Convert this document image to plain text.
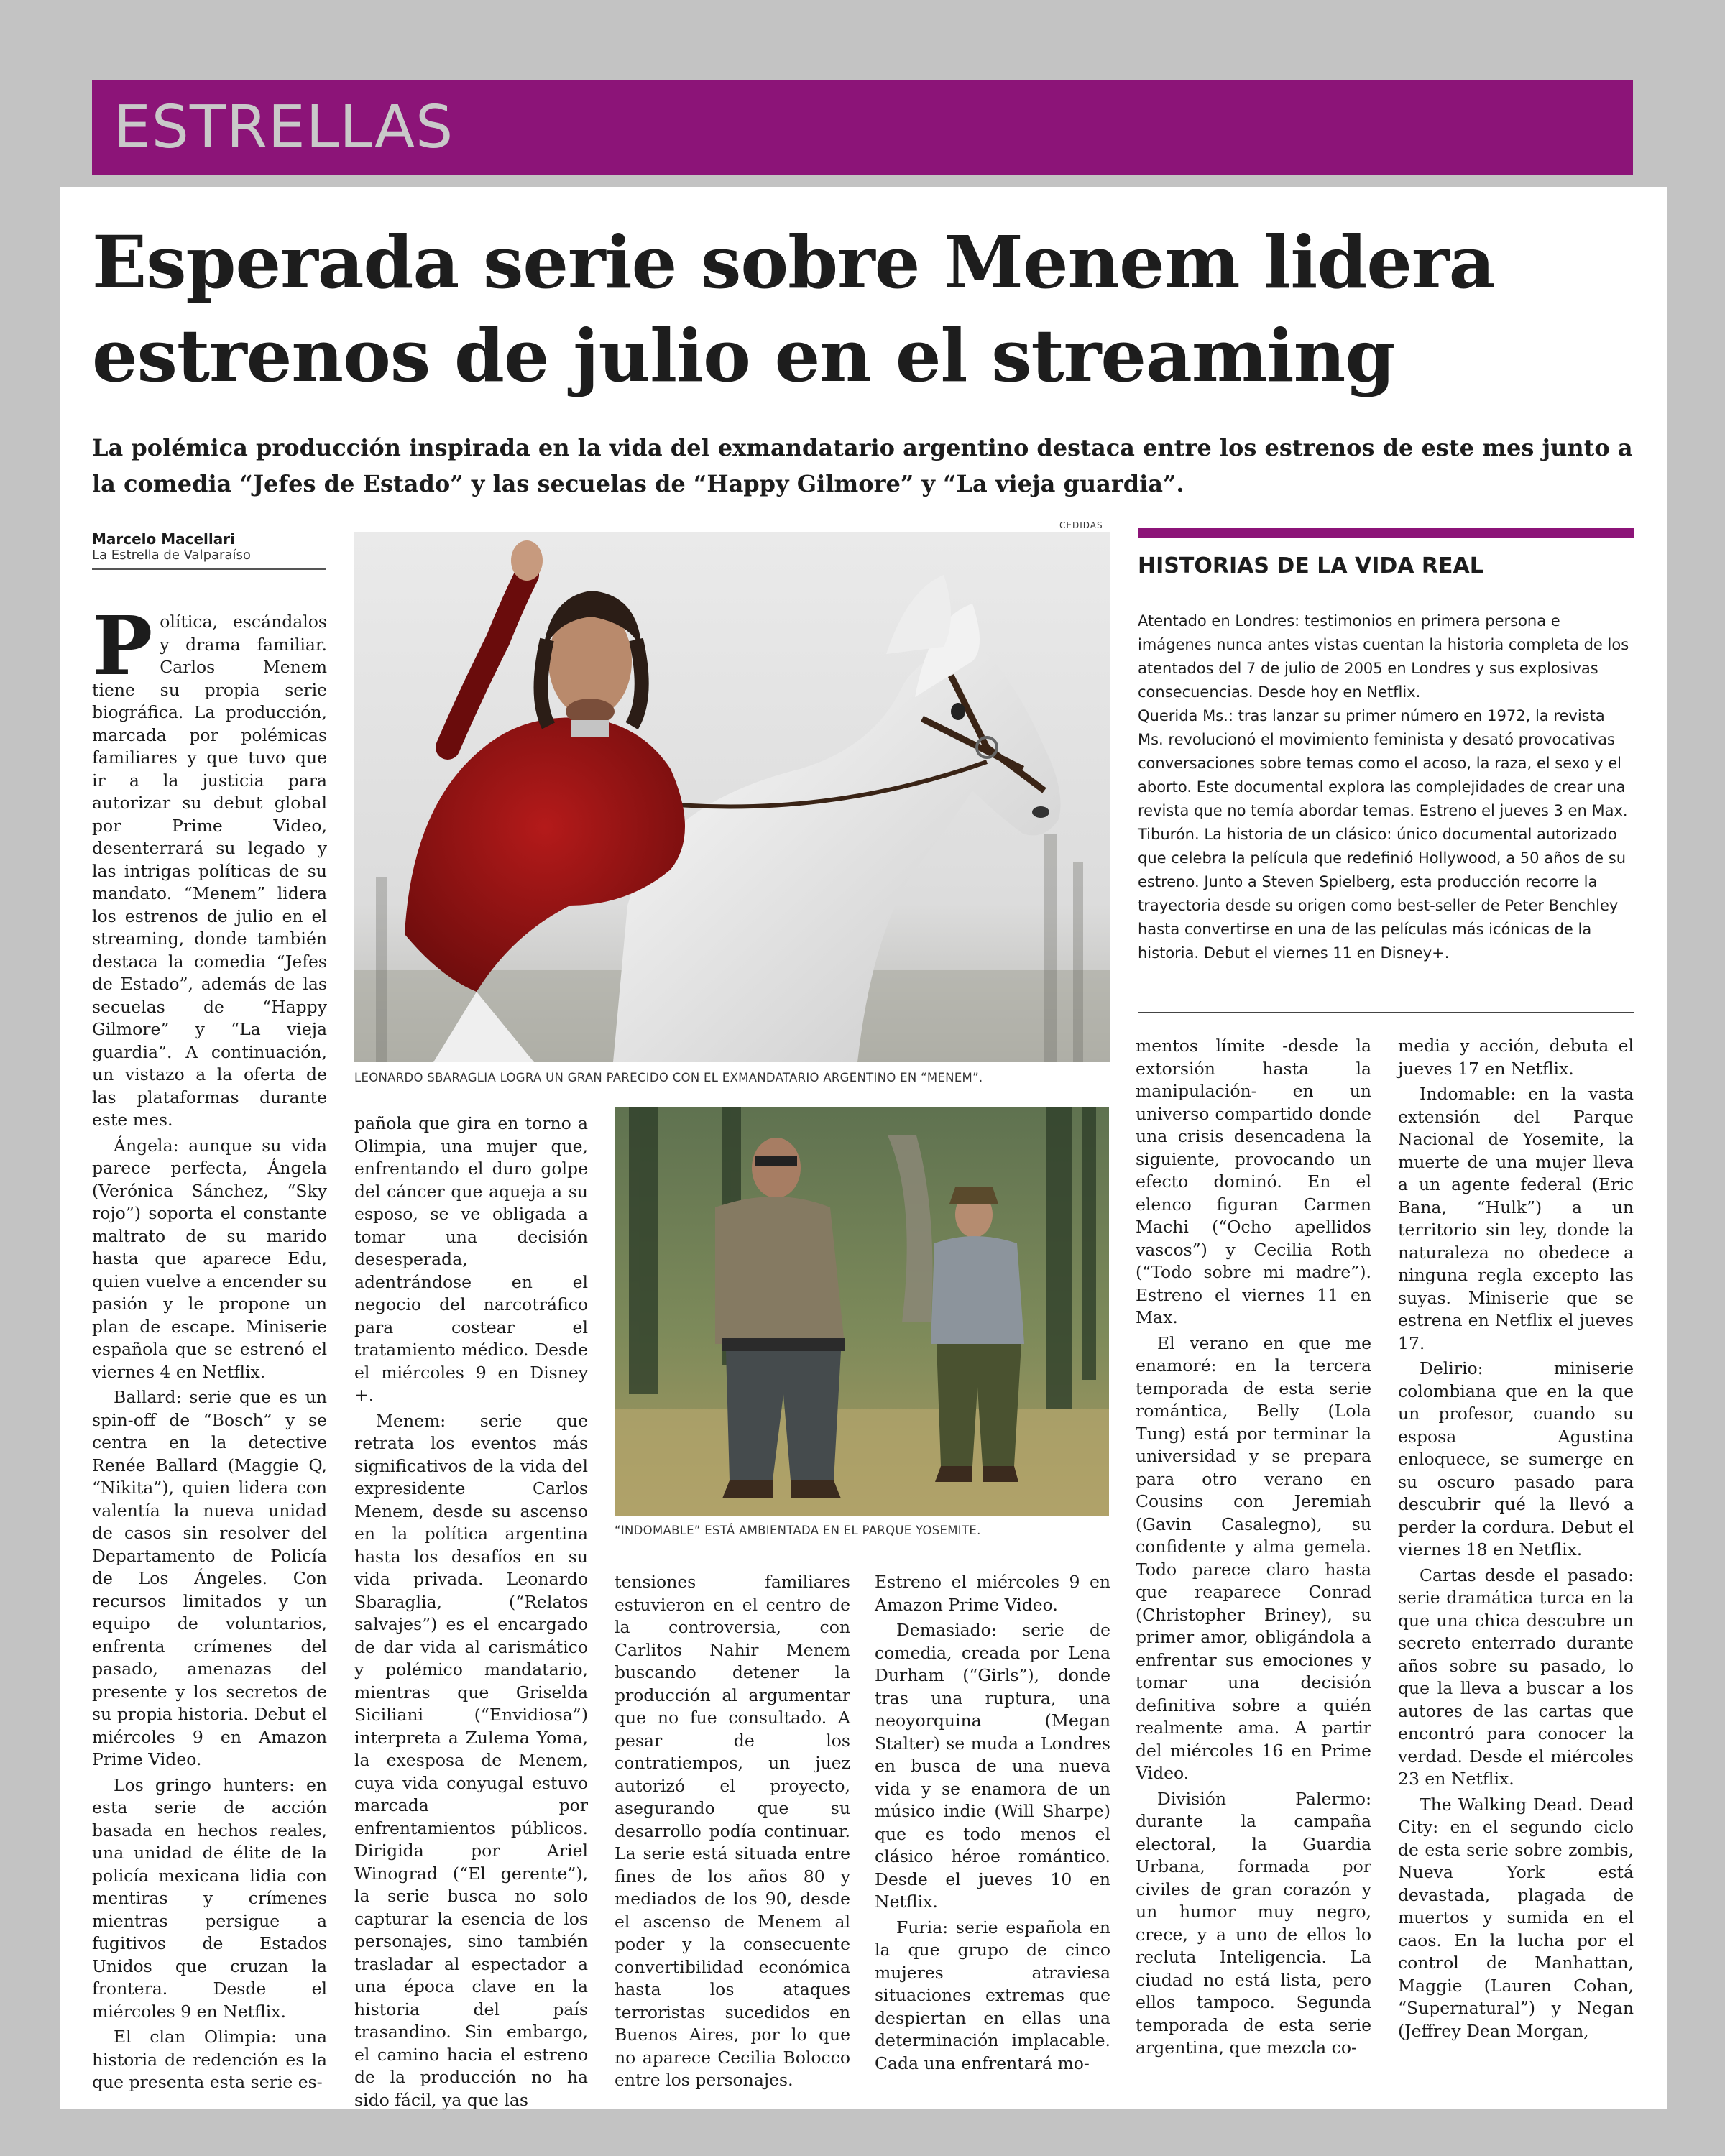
ESTRELLAS
Esperada serie sobre Menem lidera estrenos de julio en el streaming

La polémica producción inspirada en la vida del exmandatario argentino destaca entre los estrenos de este mes junto a la comedia “Jefes de Estado” y las secuelas de “Happy Gilmore” y “La vieja guardia”.

Marcelo Macellari
La Estrella de Valparaíso
CEDIDAS
LEONARDO SBARAGLIA LOGRA UN GRAN PARECIDO CON EL EXMANDATARIO ARGENTINO EN “MENEM”.
“INDOMABLE” ESTÁ AMBIENTADA EN EL PARQUE YOSEMITE.

Política, escándalos y drama familiar. Carlos Menem tiene su propia serie biográfica. La producción, marcada por polémicas familiares y que tuvo que ir a la justicia para autorizar su debut global por Prime Video, desenterrará su legado y las intrigas políticas de su mandato. “Menem” lidera los estrenos de julio en el streaming, donde también destaca la comedia “Jefes de Estado”, además de las secuelas de “Happy Gilmore” y “La vieja guardia”. A continuación, un vistazo a la oferta de las plataformas durante este mes.

Ángela: aunque su vida parece perfecta, Ángela (Verónica Sánchez, “Sky rojo”) soporta el constante maltrato de su marido hasta que aparece Edu, quien vuelve a encender su pasión y le propone un plan de escape. Miniserie española que se estrenó el viernes 4 en Netflix.

Ballard: serie que es un spin-off de “Bosch” y se centra en la detective Renée Ballard (Maggie Q, “Nikita”), quien lidera con valentía la nueva unidad de casos sin resolver del Departamento de Policía de Los Ángeles. Con recursos limitados y un equipo de voluntarios, enfrenta crímenes del pasado, amenazas del presente y los secretos de su propia historia. Debut el miércoles 9 en Amazon Prime Video.

Los gringo hunters: en esta serie de acción basada en hechos reales, una unidad de élite de la policía mexicana lidia con mentiras y crímenes mientras persigue a fugitivos de Estados Unidos que cruzan la frontera. Desde el miércoles 9 en Netflix.

El clan Olimpia: una historia de redención es la que presenta esta serie es-

pañola que gira en torno a Olimpia, una mujer que, enfrentando el duro golpe del cáncer que aqueja a su esposo, se ve obligada a tomar una decisión desesperada, adentrándose en el negocio del narcotráfico para costear el tratamiento médico. Desde el miércoles 9 en Disney +.

Menem: serie que retrata los eventos más significativos de la vida del expresidente Carlos Menem, desde su ascenso en la política argentina hasta los desafíos en su vida privada. Leonardo Sbaraglia, (“Relatos salvajes”) es el encargado de dar vida al carismático y polémico mandatario, mientras que Griselda Siciliani (“Envidiosa”) interpreta a Zulema Yoma, la exesposa de Menem, cuya vida conyugal estuvo marcada por enfrentamientos públicos. Dirigida por Ariel Winograd (“El gerente”), la serie busca no solo capturar la esencia de los personajes, sino también trasladar al espectador a una época clave en la historia del país trasandino. Sin embargo, el camino hacia el estreno de la producción no ha sido fácil, ya que las

tensiones familiares estuvieron en el centro de la controversia, con Carlitos Nahir Menem buscando detener la producción al argumentar que no fue consultado. A pesar de los contratiempos, un juez autorizó el proyecto, asegurando que su desarrollo podía continuar. La serie está situada entre fines de los años 80 y mediados de los 90, desde el ascenso de Menem al poder y la consecuente convertibilidad económica hasta los ataques terroristas sucedidos en Buenos Aires, por lo que no aparece Cecilia Bolocco entre los personajes.

Estreno el miércoles 9 en Amazon Prime Video.

Demasiado: serie de comedia, creada por Lena Durham (“Girls”), donde tras una ruptura, una neoyorquina (Megan Stalter) se muda a Londres en busca de una nueva vida y se enamora de un músico indie (Will Sharpe) que es todo menos el clásico héroe romántico. Desde el jueves 10 en Netflix.

Furia: serie española en la que grupo de cinco mujeres atraviesa situaciones extremas que despiertan en ellas una determinación implacable. Cada una enfrentará mo-

mentos límite -desde la extorsión hasta la manipulación- en un universo compartido donde una crisis desencadena la siguiente, provocando un efecto dominó. En el elenco figuran Carmen Machi (“Ocho apellidos vascos”) y Cecilia Roth (“Todo sobre mi madre”). Estreno el viernes 11 en Max.

El verano en que me enamoré: en la tercera temporada de esta serie romántica, Belly (Lola Tung) está por terminar la universidad y se prepara para otro verano en Cousins con Jeremiah (Gavin Casalegno), su confidente y alma gemela. Todo parece claro hasta que reaparece Conrad (Christopher Briney), su primer amor, obligándola a enfrentar sus emociones y tomar una decisión definitiva sobre a quién realmente ama. A partir del miércoles 16 en Prime Video.

División Palermo: durante la campaña electoral, la Guardia Urbana, formada por civiles de gran corazón y un humor muy negro, crece, y a uno de ellos lo recluta Inteligencia. La ciudad no está lista, pero ellos tampoco. Segunda temporada de esta serie argentina, que mezcla co-

media y acción, debuta el jueves 17 en Netflix.

Indomable: en la vasta extensión del Parque Nacional de Yosemite, la muerte de una mujer lleva a un agente federal (Eric Bana, “Hulk”) a un territorio sin ley, donde la naturaleza no obedece a ninguna regla excepto las suyas. Miniserie que se estrena en Netflix el jueves 17.

Delirio: miniserie colombiana que en la que un profesor, cuando su esposa Agustina enloquece, se sumerge en su oscuro pasado para descubrir qué la llevó a perder la cordura. Debut el viernes 18 en Netflix.

Cartas desde el pasado: serie dramática turca en la que una chica descubre un secreto enterrado durante años sobre su pasado, lo que la lleva a buscar a los autores de las cartas que encontró para conocer la verdad. Desde el miércoles 23 en Netflix.

The Walking Dead. Dead City: en el segundo ciclo de esta serie sobre zombis, Nueva York está devastada, plagada de muertos y sumida en el caos. En la lucha por el control de Manhattan, Maggie (Lauren Cohan, “Supernatural”) y Negan (Jeffrey Dean Morgan,

HISTORIAS DE LA VIDA REAL

Atentado en Londres: testimonios en primera persona e imágenes nunca antes vistas cuentan la historia completa de los atentados del 7 de julio de 2005 en Londres y sus explosivas consecuencias. Desde hoy en Netflix.

Querida Ms.: tras lanzar su primer número en 1972, la revista Ms. revolucionó el movimiento feminista y desató provocativas conversaciones sobre temas como el acoso, la raza, el sexo y el aborto. Este documental explora las complejidades de crear una revista que no temía abordar temas. Estreno el jueves 3 en Max.

Tiburón. La historia de un clásico: único documental autorizado que celebra la película que redefinió Hollywood, a 50 años de su estreno. Junto a Steven Spielberg, esta producción recorre la trayectoria desde su origen como best-seller de Peter Benchley hasta convertirse en una de las películas más icónicas de la historia. Debut el viernes 11 en Disney+.
